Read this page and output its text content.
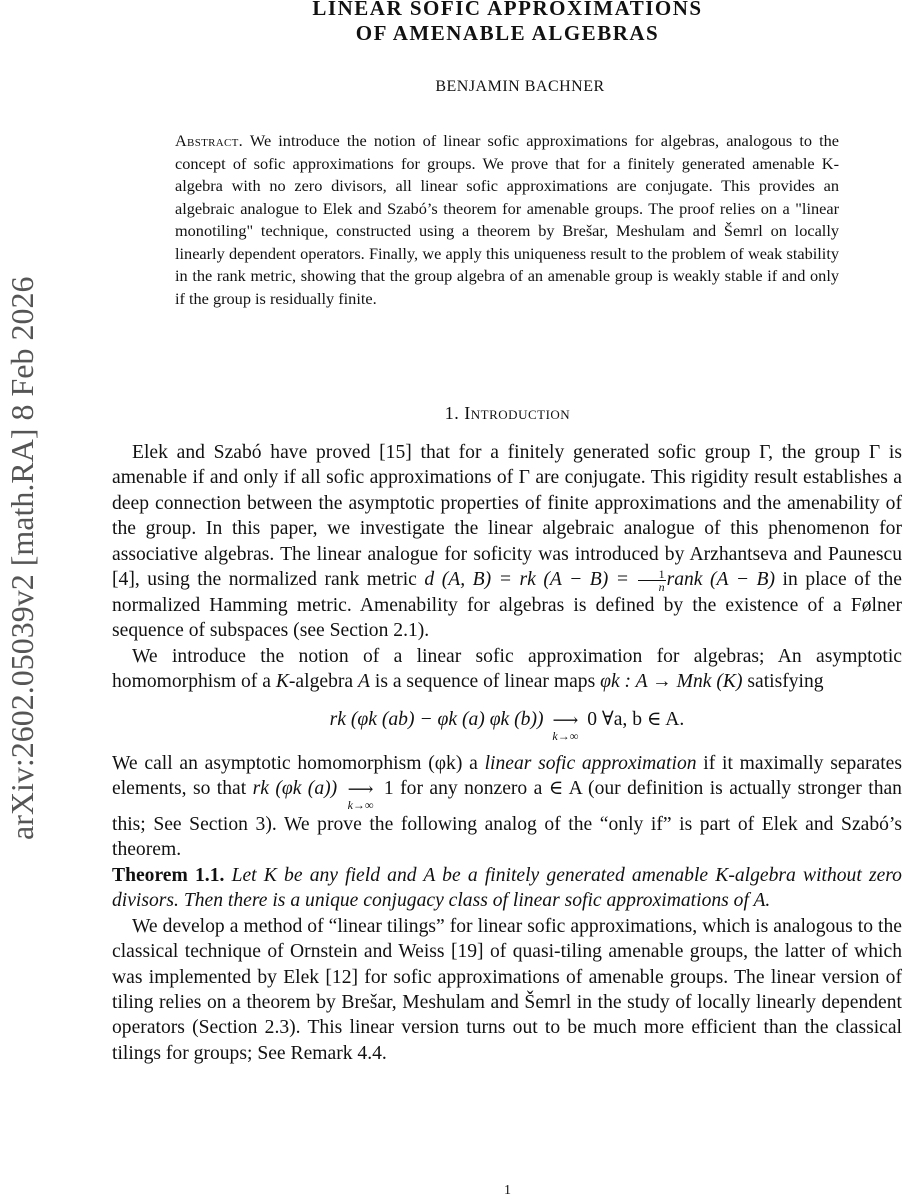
arXiv:2602.05039v2 [math.RA] 8 Feb 2026
LINEAR SOFIC APPROXIMATIONS
OF AMENABLE ALGEBRAS
BENJAMIN BACHNER
Abstract. We introduce the notion of linear sofic approximations for algebras, analogous to the concept of sofic approximations for groups. We prove that for a finitely generated amenable K-algebra with no zero divisors, all linear sofic approximations are conjugate. This provides an algebraic analogue to Elek and Szabó’s theorem for amenable groups. The proof relies on a "linear monotiling" technique, constructed using a theorem by Brešar, Meshulam and Šemrl on locally linearly dependent operators. Finally, we apply this uniqueness result to the problem of weak stability in the rank metric, showing that the group algebra of an amenable group is weakly stable if and only if the group is residually finite.
1. Introduction

Elek and Szabó have proved [15] that for a finitely generated sofic group Γ, the group Γ is amenable if and only if all sofic approximations of Γ are conjugate. This rigidity result establishes a deep connection between the asymptotic properties of finite approximations and the amenability of the group. In this paper, we investigate the linear algebraic analogue of this phenomenon for associative algebras. The linear analogue for soficity was introduced by Arzhantseva and Paunescu [4], using the normalized rank metric d (A, B) = rk $(A - B) = \frac{1}{n}$ rank (A − B) in place of the normalized Hamming metric. Amenability for algebras is defined by the existence of a Følner sequence of subspaces (see Section 2.1).

We introduce the notion of a linear sofic approximation for algebras; An asymptotic homomorphism of a K-algebra A is a sequence of linear maps φk : A → Mnk (K) satisfying

rk (φk (ab) − φk (a) φk (b)) ⟶
k→∞
0 ∀a, b ∈ A.

We call an asymptotic homomorphism (φk) a linear sofic approximation if it maximally separates elements, so that rk (φk (a)) ⟶
k→∞
1 for any nonzero a ∈ A (our definition is actually stronger than this; See Section 3). We prove the following analog of the “only if” is part of Elek and Szabó’s theorem.

Theorem 1.1. Let K be any field and A be a finitely generated amenable K-algebra without zero divisors. Then there is a unique conjugacy class of linear sofic approximations of A.

We develop a method of “linear tilings” for linear sofic approximations, which is analogous to the classical technique of Ornstein and Weiss [19] of quasi-tiling amenable groups, the latter of which was implemented by Elek [12] for sofic approximations of amenable groups. The linear version of tiling relies on a theorem by Brešar, Meshulam and Šemrl in the study of locally linearly dependent operators (Section 2.3). This linear version turns out to be much more efficient than the classical tilings for groups; See Remark 4.4.

1
